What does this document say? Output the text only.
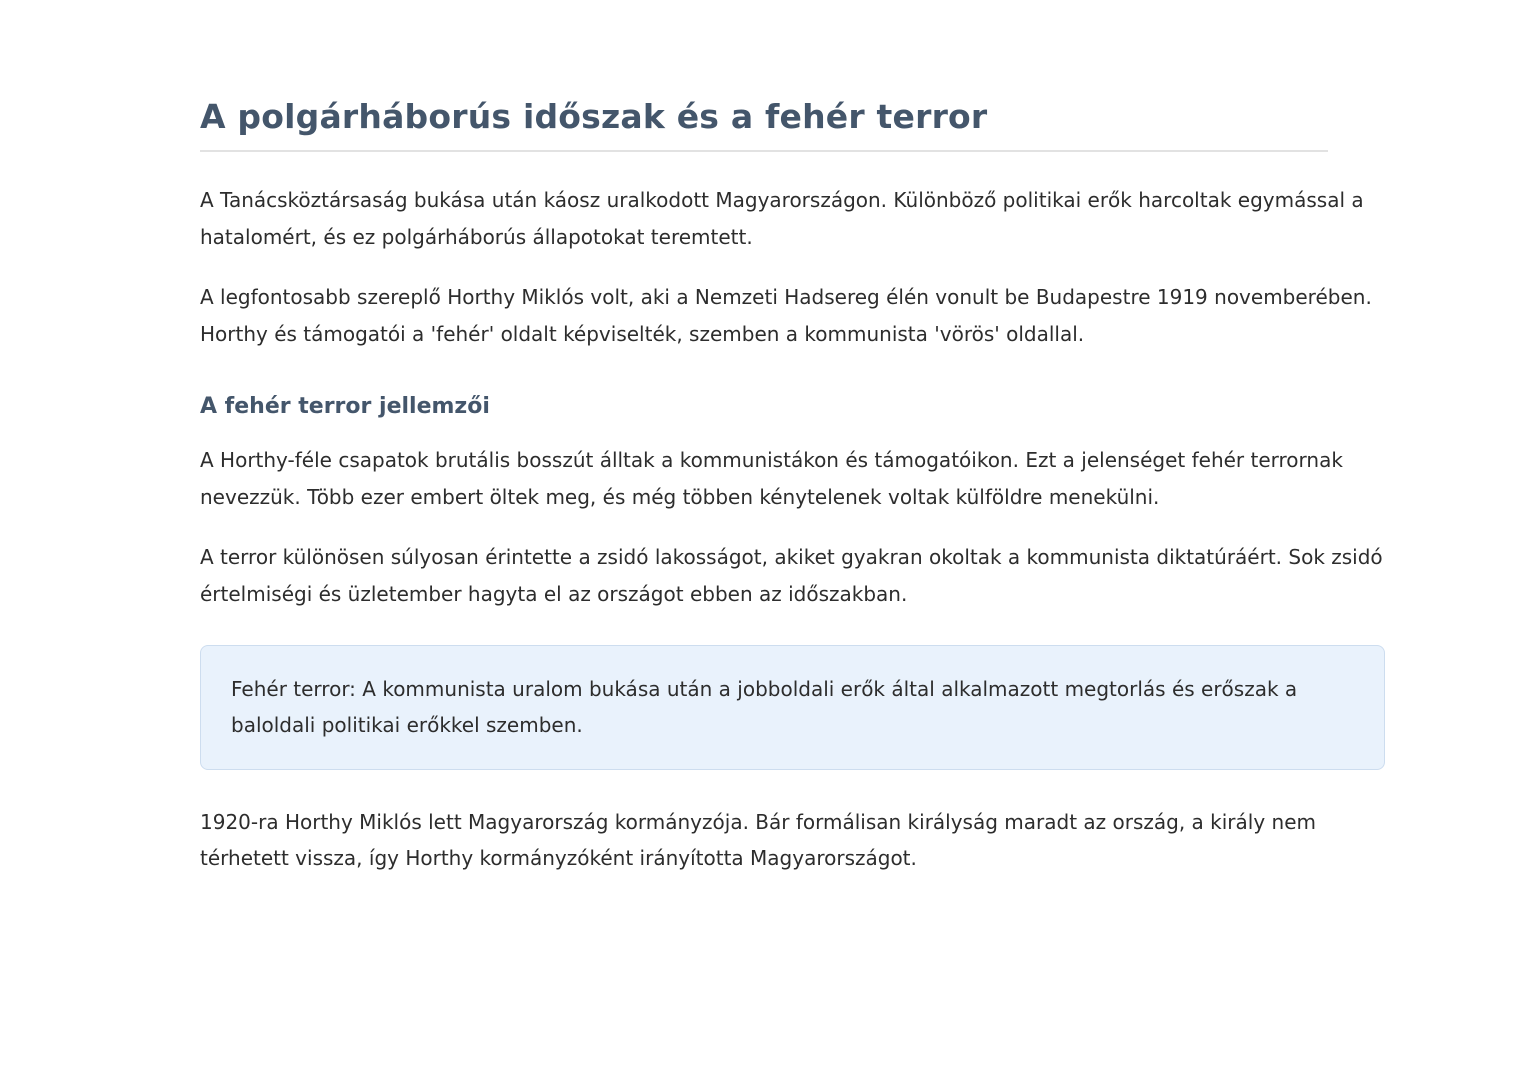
A polgárháborús időszak és a fehér terror

A Tanácsköztársaság bukása után káosz uralkodott Magyarországon. Különböző politikai erők harcoltak egymással a hatalomért, és ez polgárháborús állapotokat teremtett.

A legfontosabb szereplő Horthy Miklós volt, aki a Nemzeti Hadsereg élén vonult be Budapestre 1919 novemberében. Horthy és támogatói a 'fehér' oldalt képviselték, szemben a kommunista 'vörös' oldallal.

A fehér terror jellemzői

A Horthy-féle csapatok brutális bosszút álltak a kommunistákon és támogatóikon. Ezt a jelenséget fehér terrornak nevezzük. Több ezer embert öltek meg, és még többen kénytelenek voltak külföldre menekülni.

A terror különösen súlyosan érintette a zsidó lakosságot, akiket gyakran okoltak a kommunista diktatúráért. Sok zsidó értelmiségi és üzletember hagyta el az országot ebben az időszakban.

Fehér terror: A kommunista uralom bukása után a jobboldali erők által alkalmazott megtorlás és erőszak a baloldali politikai erőkkel szemben.

1920-ra Horthy Miklós lett Magyarország kormányzója. Bár formálisan királyság maradt az ország, a király nem térhetett vissza, így Horthy kormányzóként irányította Magyarországot.
